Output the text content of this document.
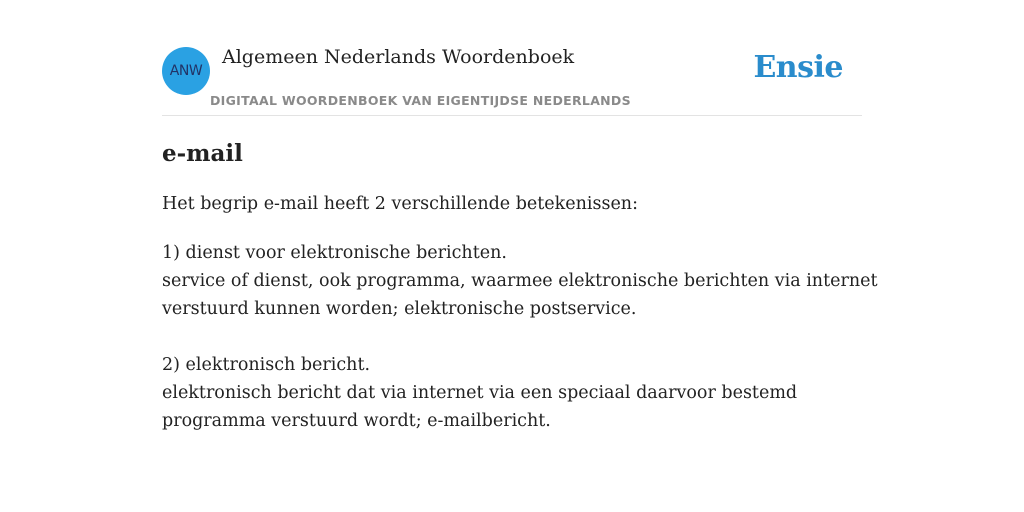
ANW
Algemeen Nederlands Woordenboek
DIGITAAL WOORDENBOEK VAN EIGENTIJDSE NEDERLANDS
Ensie
e-mail

Het begrip e-mail heeft 2 verschillende betekenissen:

1) dienst voor elektronische berichten.
service of dienst, ook programma, waarmee elektronische berichten via internet
verstuurd kunnen worden; elektronische postservice.
2) elektronisch bericht.
elektronisch bericht dat via internet via een speciaal daarvoor bestemd
programma verstuurd wordt; e-mailbericht.
